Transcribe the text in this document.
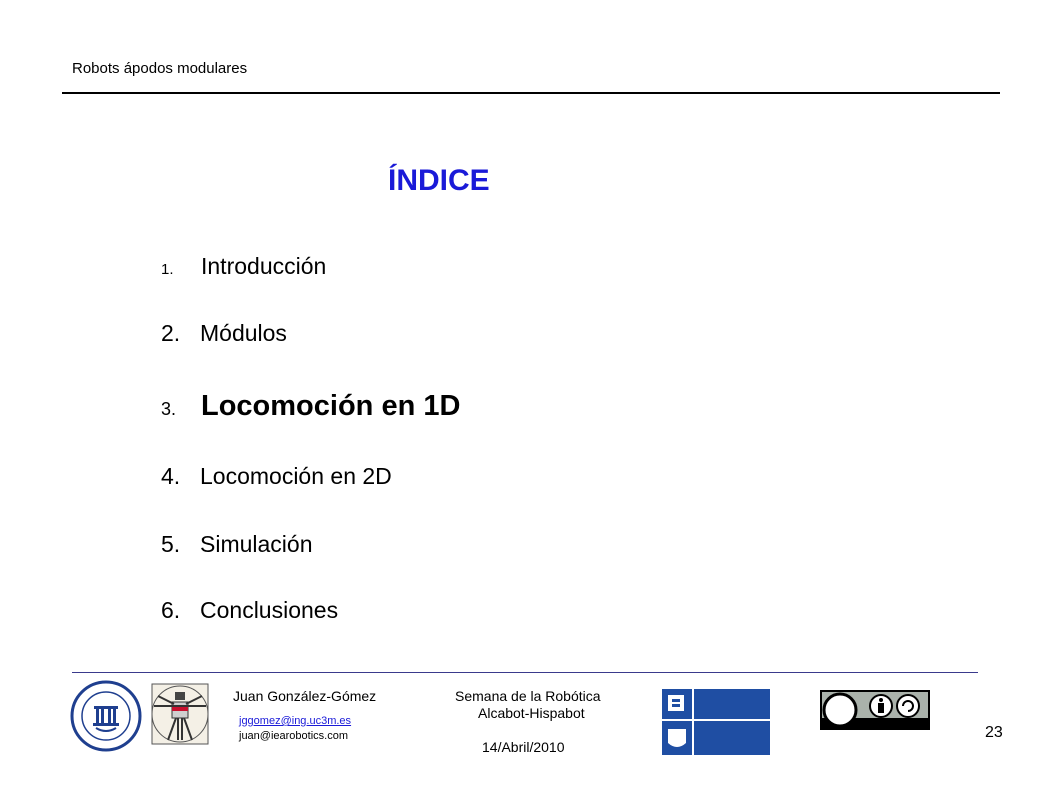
Robots ápodos modulares
ÍNDICE
1. Introducción
2. Módulos
3. Locomoción en 1D
4. Locomoción en 2D
5. Simulación
6. Conclusiones
Juan González-Gómez
jggomez@ing.uc3m.es
juan@iearobotics.com
Semana de la Robótica
Alcabot-Hispabot
14/Abril/2010
23
